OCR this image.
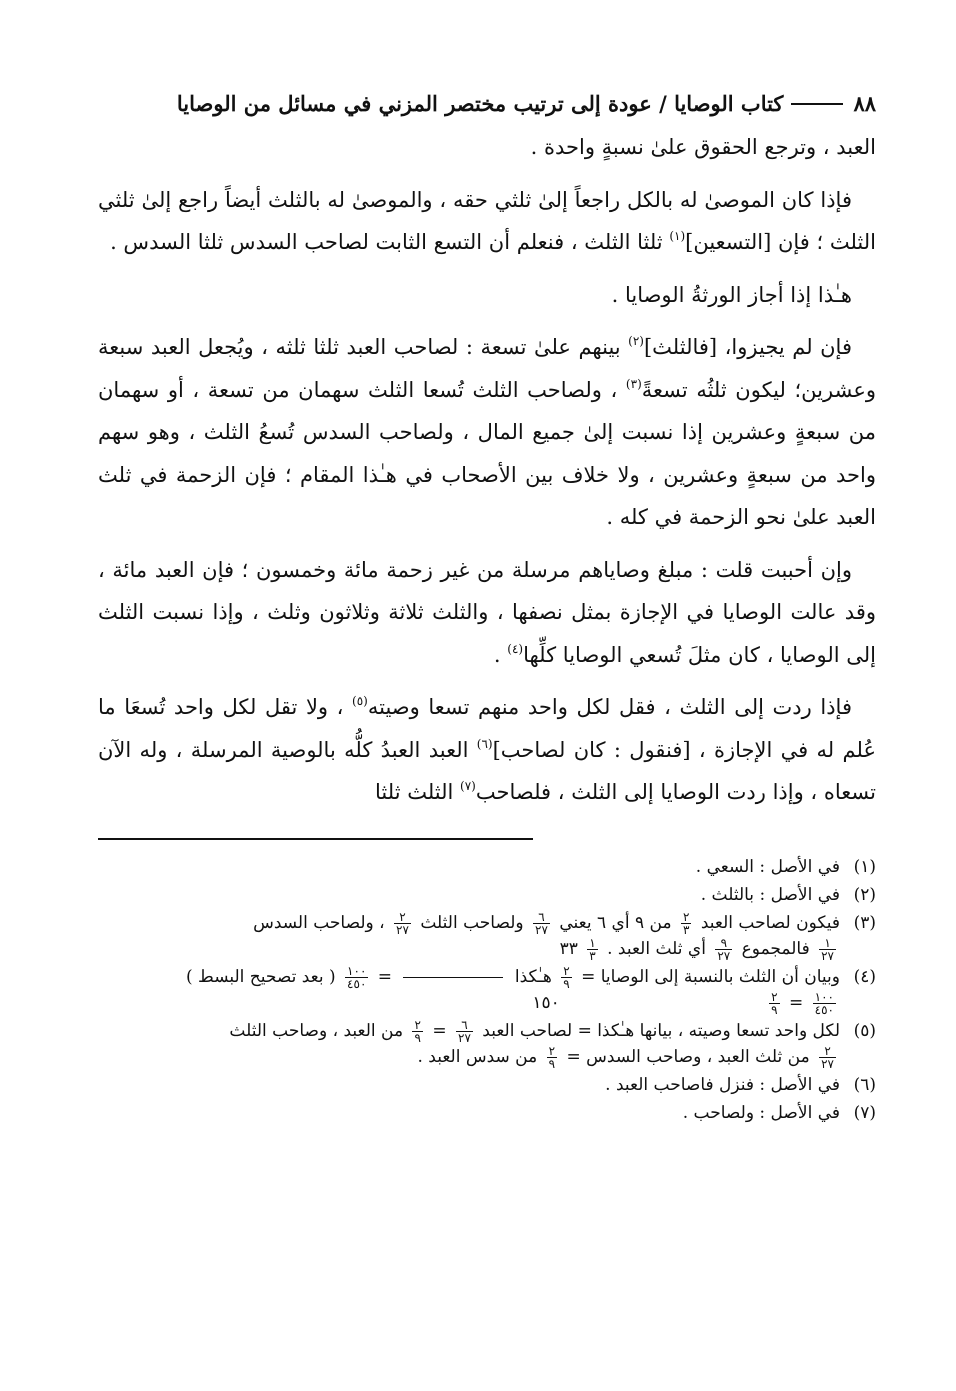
٨٨
كتاب الوصايا / عودة إلى ترتيب مختصر المزني في مسائل من الوصايا

العبد ، وترجع الحقوق علىٰ نسبةٍ واحدة .

فإذا كان الموصىٰ له بالكل راجعاً إلىٰ ثلثي حقه ، والموصىٰ له بالثلث أيضاً راجع إلىٰ ثلثي الثلث ؛ فإن [التسعين]$^{(١)}$ ثلثا الثلث ، فنعلم أن التسع الثابت لصاحب السدس ثلثا السدس .

هـٰذا إذا أجاز الورثةُ الوصايا .

فإن لم يجيزوا، [فالثلث]$^{(٢)}$ بينهم علىٰ تسعة : لصاحب العبد ثلثا ثلثه ، ويُجعل العبد سبعة وعشرين؛ ليكون ثلثُه تسعةً$^{(٣)}$ ، ولصاحب الثلث تُسعا الثلث سهمان من تسعة ، أو سهمان من سبعةٍ وعشرين إذا نسبت إلىٰ جميع المال ، ولصاحب السدس تُسعُ الثلث ، وهو سهم واحد من سبعةٍ وعشرين ، ولا خلاف بين الأصحاب في هـٰذا المقام ؛ فإن الزحمة في ثلث العبد علىٰ نحو الزحمة في كله .

وإن أحببت قلت : مبلغ وصاياهم مرسلة من غير زحمة مائة وخمسون ؛ فإن العبد مائة ، وقد عالت الوصايا في الإجازة بمثل نصفها ، والثلث ثلاثة وثلاثون وثلث ، وإذا نسبت الثلث إلى الوصايا ، كان مثلَ تُسعي الوصايا كلِّها$^{(٤)}$ .

فإذا ردت إلى الثلث ، فقل لكل واحد منهم تسعا وصيته$^{(٥)}$ ، ولا تقل لكل واحد تُسعَا ما عُلم له في الإجازة ، [فنقول : كان لصاحب]$^{(٦)}$ العبد العبدُ كلُّه بالوصية المرسلة ، وله الآن تسعاه ، وإذا ردت الوصايا إلى الثلث ، فلصاحب$^{(٧)}$ الثلث ثلثا

(١)
في الأصل : السعي .
(٢)
في الأصل : بالثلث .
(٣)
فيكون لصاحب العبد
$\frac{٢}{٣}$
من ٩ أي ٦ يعني
$\frac{٦}{٢٧}$
ولصاحب الثلث
$\frac{٢}{٢٧}$
، ولصاحب السدس

$\frac{١}{٢٧}$
فالمجموع
$\frac{٩}{٢٧}$
أي ثلث العبد .
$\frac{١}{٣}$
٣٣
(٤)
وبيان أن الثلث بالنسبة إلى الوصايا =
$\frac{٢}{٩}$
هـٰكذا  =
$\frac{١٠٠}{٤٥٠}$
( بعد تصحيح البسط )

$\frac{١٠٠}{٤٥٠}$
=
$\frac{٢}{٩}$
١٥٠
(٥)
لكل واحد تسعا وصيته ، بيانها هـٰكذا = لصاحب العبد
$\frac{٦}{٢٧}$
=
$\frac{٢}{٩}$
من العبد ، وصاحب الثلث

$\frac{٢}{٢٧}$
من ثلث العبد ، وصاحب السدس =
$\frac{٢}{٩}$
من سدس العبد .
(٦)
في الأصل : فنزل فاصاحب العبد .
(٧)
في الأصل : ولصاحب .
